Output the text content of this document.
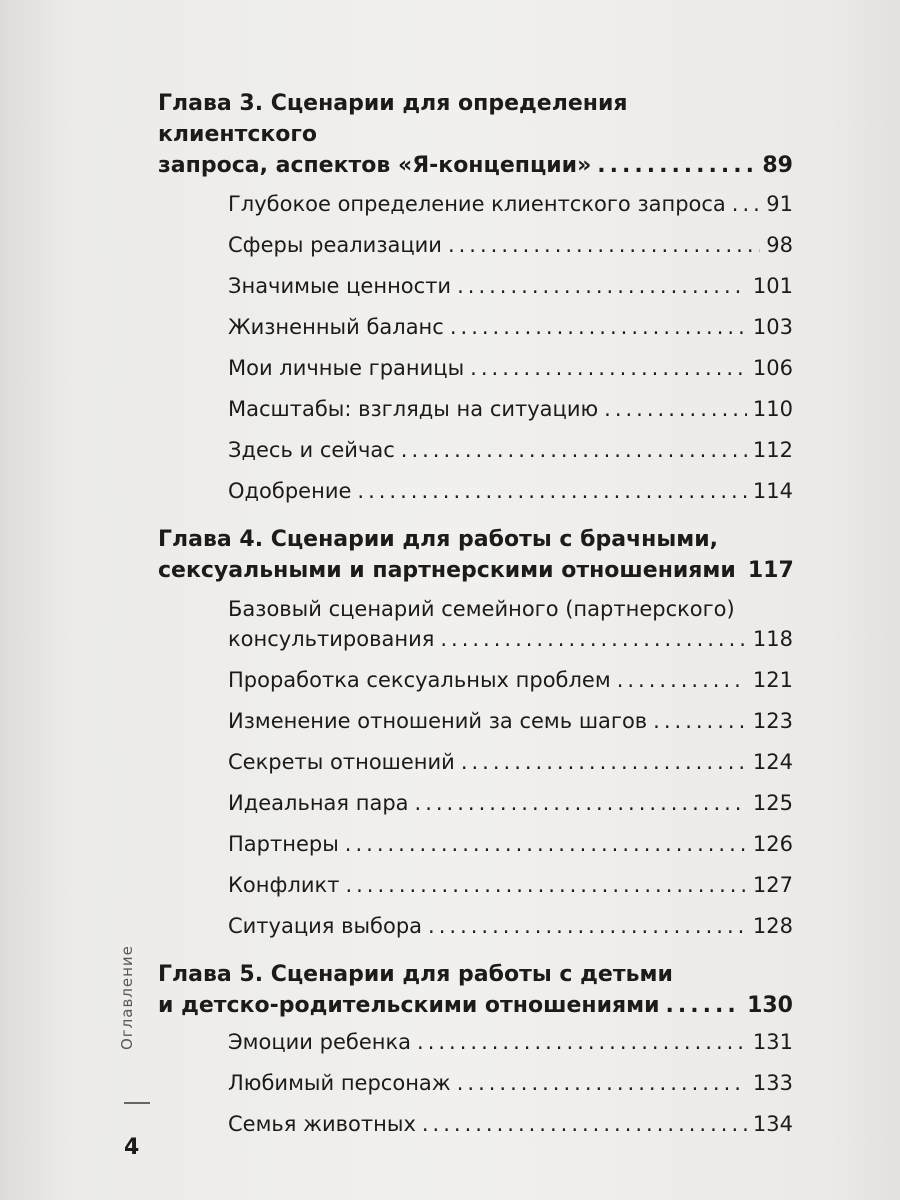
Глава 3. Сценарии для определения клиентского
запроса, аспектов «Я-концепции» .....	89
Глубокое определение клиентского запроса ..... 91
Сферы реализации .....	98
Значимые ценности .....	101
Жизненный баланс .....	103
Мои личные границы .....	106
Масштабы: взгляды на ситуацию .....	110
Здесь и сейчас .....	112
Одобрение .....	114
Глава 4. Сценарии для работы с брачными,
сексуальными и партнерскими отношениями 117
Базовый сценарий семейного (партнерского)
консультирования .....	118
Проработка сексуальных проблем .....	121
Изменение отношений за семь шагов .....	123
Секреты отношений .....	124
Идеальная пара .....	125
Партнеры .....	126
Конфликт .....	127
Ситуация выбора .....	128
Глава 5. Сценарии для работы с детьми
и детско-родительскими отношениями .....	130
Эмоции ребенка .....	131
Любимый персонаж .....	133
Семья животных .....	134
Оглавление
4
